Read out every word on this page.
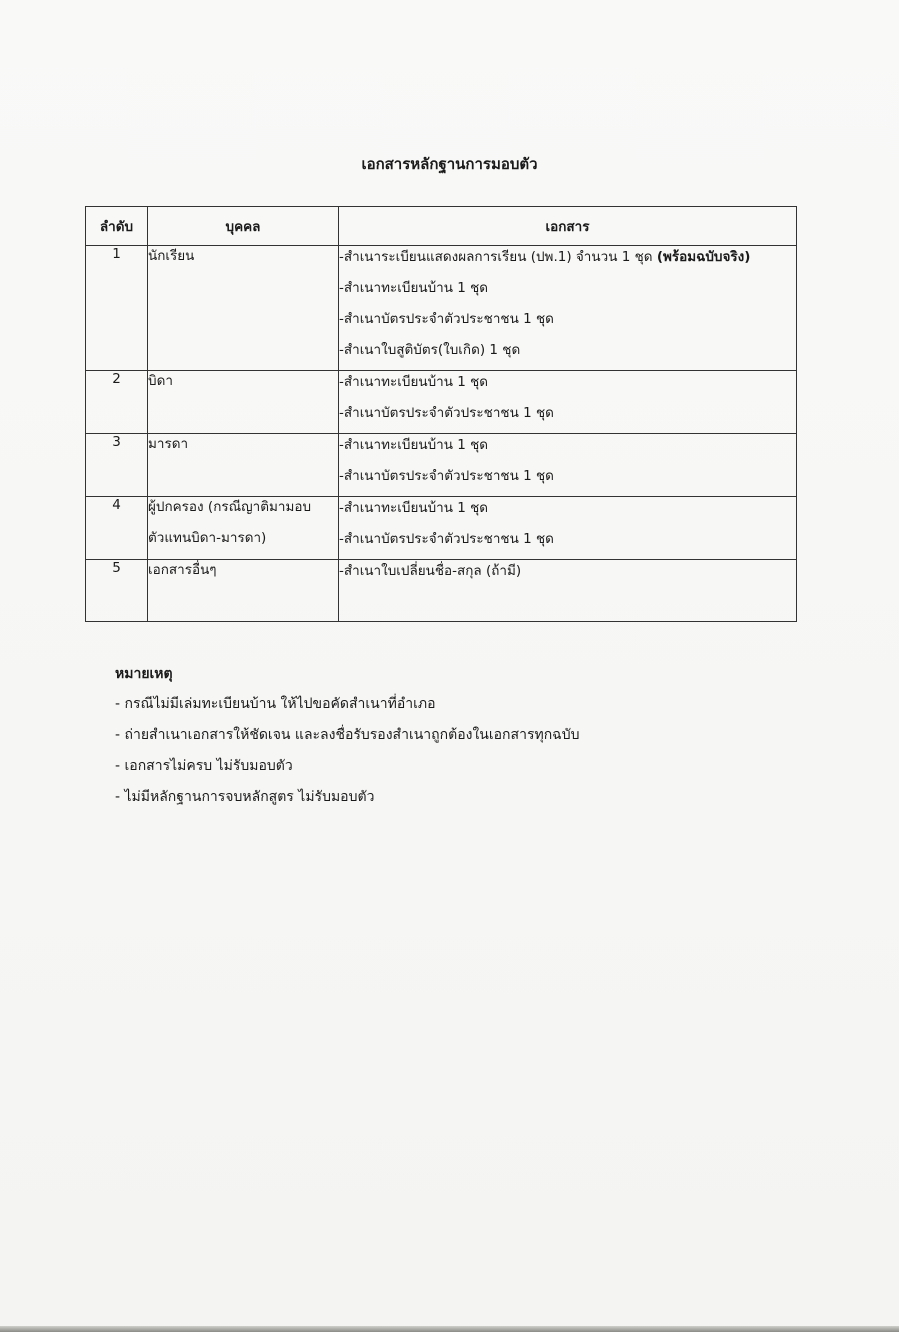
เอกสารหลักฐานการมอบตัว
ลำดับ	บุคคล	เอกสาร
1	นักเรียน	-สำเนาระเบียนแสดงผลการเรียน (ปพ.1) จำนวน 1 ชุด (พร้อมฉบับจริง)
-สำเนาทะเบียนบ้าน 1 ชุด
-สำเนาบัตรประจำตัวประชาชน 1 ชุด
-สำเนาใบสูติบัตร(ใบเกิด) 1 ชุด

2	บิดา	-สำเนาทะเบียนบ้าน 1 ชุด
-สำเนาบัตรประจำตัวประชาชน 1 ชุด

3	มารดา	-สำเนาทะเบียนบ้าน 1 ชุด
-สำเนาบัตรประจำตัวประชาชน 1 ชุด

4	ผู้ปกครอง (กรณีญาติมามอบ
ตัวแทนบิดา-มารดา)	-สำเนาทะเบียนบ้าน 1 ชุด
-สำเนาบัตรประจำตัวประชาชน 1 ชุด

5	เอกสารอื่นๆ	-สำเนาใบเปลี่ยนชื่อ-สกุล (ถ้ามี)
หมายเหตุ
- กรณีไม่มีเล่มทะเบียนบ้าน ให้ไปขอคัดสำเนาที่อำเภอ
- ถ่ายสำเนาเอกสารให้ชัดเจน และลงชื่อรับรองสำเนาถูกต้องในเอกสารทุกฉบับ
- เอกสารไม่ครบ ไม่รับมอบตัว
- ไม่มีหลักฐานการจบหลักสูตร ไม่รับมอบตัว
